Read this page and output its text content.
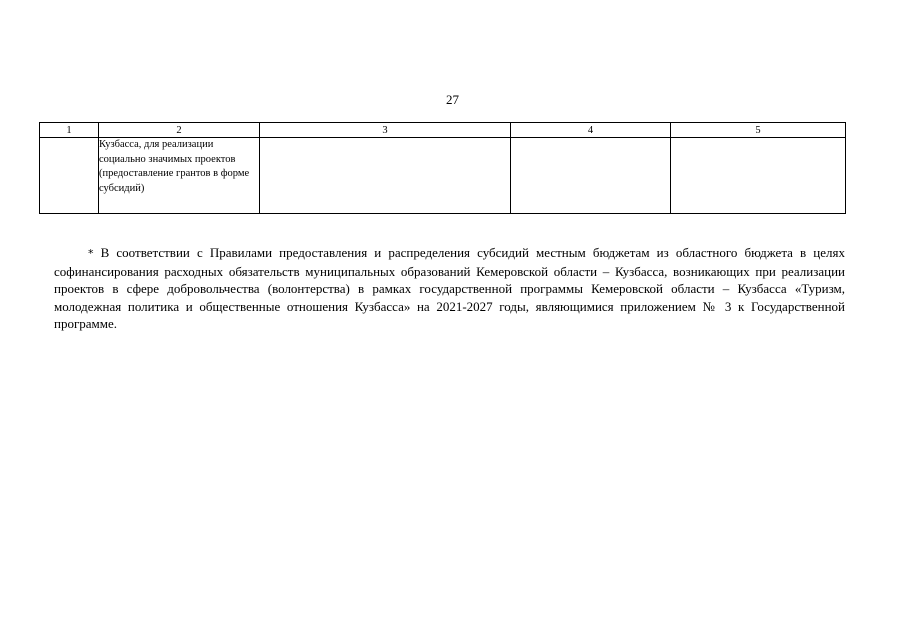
27
1	2	3	4	5
	Кузбасса, для реализации социально значимых проектов (предоставление грантов в форме субсидий)			

* В соответствии с Правилами предоставления и распределения субсидий местным бюджетам из областного бюджета в целях софинансирования расходных обязательств муниципальных образований Кемеровской области – Кузбасса, возникающих при реализации проектов в сфере добровольчества (волонтерства) в рамках государственной программы Кемеровской области – Кузбасса «Туризм, молодежная политика и общественные отношения Кузбасса» на 2021-2027 годы, являющимися приложением № 3 к Государственной программе.
